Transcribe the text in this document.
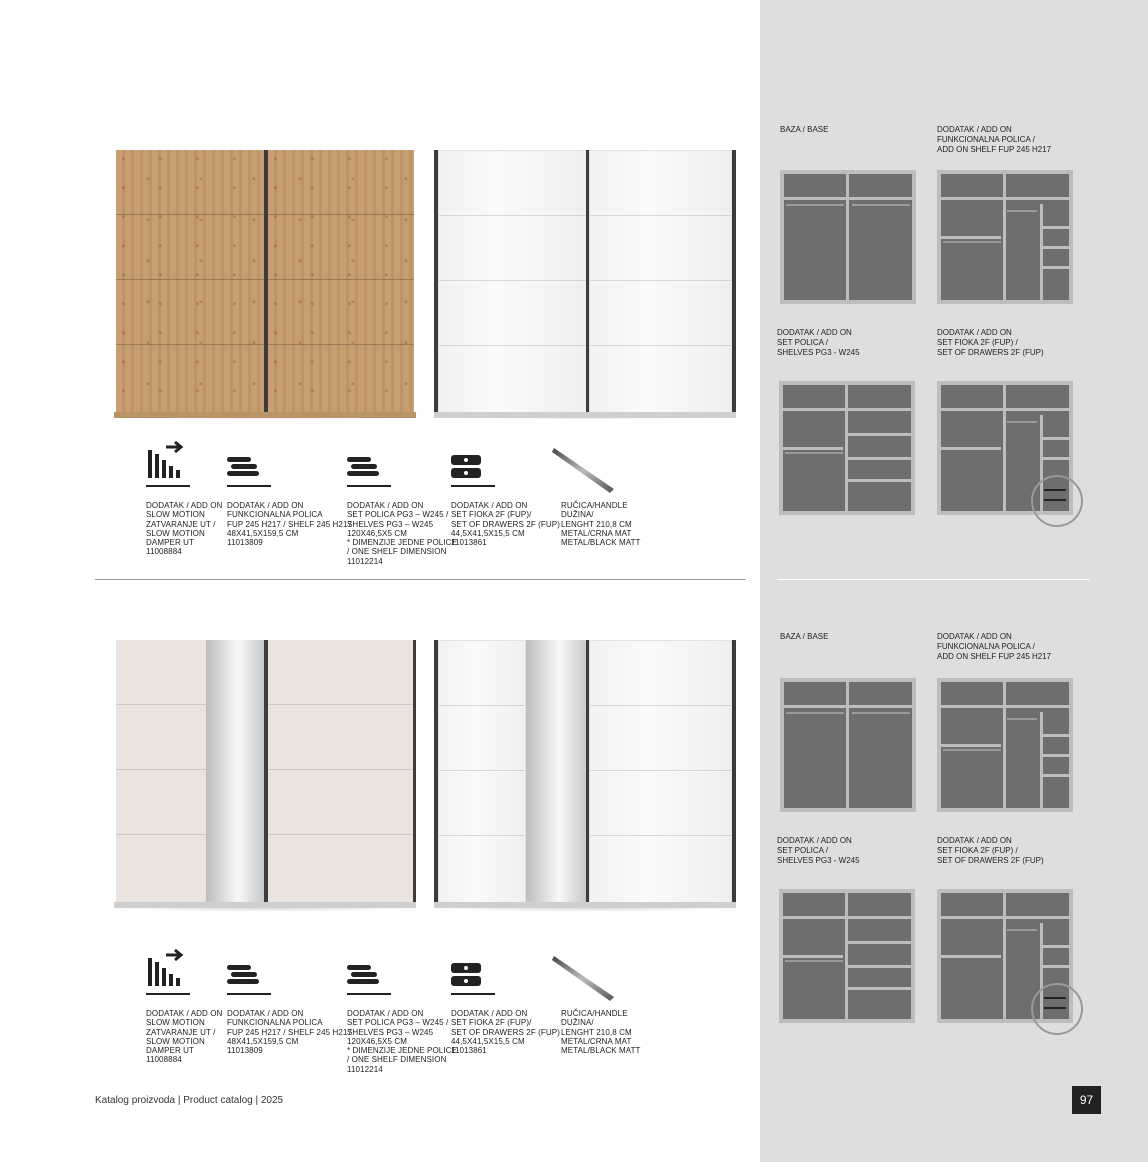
DODATAK / ADD ON
SLOW MOTION
ZATVARANJE UT /
SLOW MOTION
DAMPER UT
11008884
DODATAK / ADD ON
FUNKCIONALNA POLICA
FUP 245 H217 / SHELF 245 H217
48X41,5X159,5 CM
11013809
DODATAK / ADD ON
SET POLICA PG3 – W245 /
SHELVES PG3 – W245
120X46,5X5 CM
* DIMENZIJE JEDNE POLICE
/ ONE SHELF DIMENSION
11012214
DODATAK / ADD ON
SET FIOKA 2F (FUP)/
SET OF DRAWERS 2F (FUP)
44,5X41,5X15,5 CM
11013861
RUČICA/HANDLE
DUŽINA/
LENGHT 210,8 CM
METAL/CRNA MAT
METAL/BLACK MATT
BAZA / BASE	DODATAK / ADD ON
FUNKCIONALNA POLICA /
ADD ON SHELF FUP 245 H217
DODATAK / ADD ON
SET POLICA /
SHELVES PG3 - W245
DODATAK / ADD ON
SET FIOKA 2F (FUP) /
SET OF DRAWERS 2F (FUP)
DODATAK / ADD ON
SLOW MOTION
ZATVARANJE UT /
SLOW MOTION
DAMPER UT
11008884
DODATAK / ADD ON
FUNKCIONALNA POLICA
FUP 245 H217 / SHELF 245 H217
48X41,5X159,5 CM
11013809
DODATAK / ADD ON
SET POLICA PG3 – W245 /
SHELVES PG3 – W245
120X46,5X5 CM
* DIMENZIJE JEDNE POLICE
/ ONE SHELF DIMENSION
11012214
DODATAK / ADD ON
SET FIOKA 2F (FUP)/
SET OF DRAWERS 2F (FUP)
44,5X41,5X15,5 CM
11013861
RUČICA/HANDLE
DUŽINA/
LENGHT 210,8 CM
METAL/CRNA MAT
METAL/BLACK MATT
BAZA / BASE	DODATAK / ADD ON
FUNKCIONALNA POLICA /
ADD ON SHELF FUP 245 H217
DODATAK / ADD ON
SET POLICA /
SHELVES PG3 - W245
DODATAK / ADD ON
SET FIOKA 2F (FUP) /
SET OF DRAWERS 2F (FUP)
Katalog proizvoda | Product catalog | 2025	97
